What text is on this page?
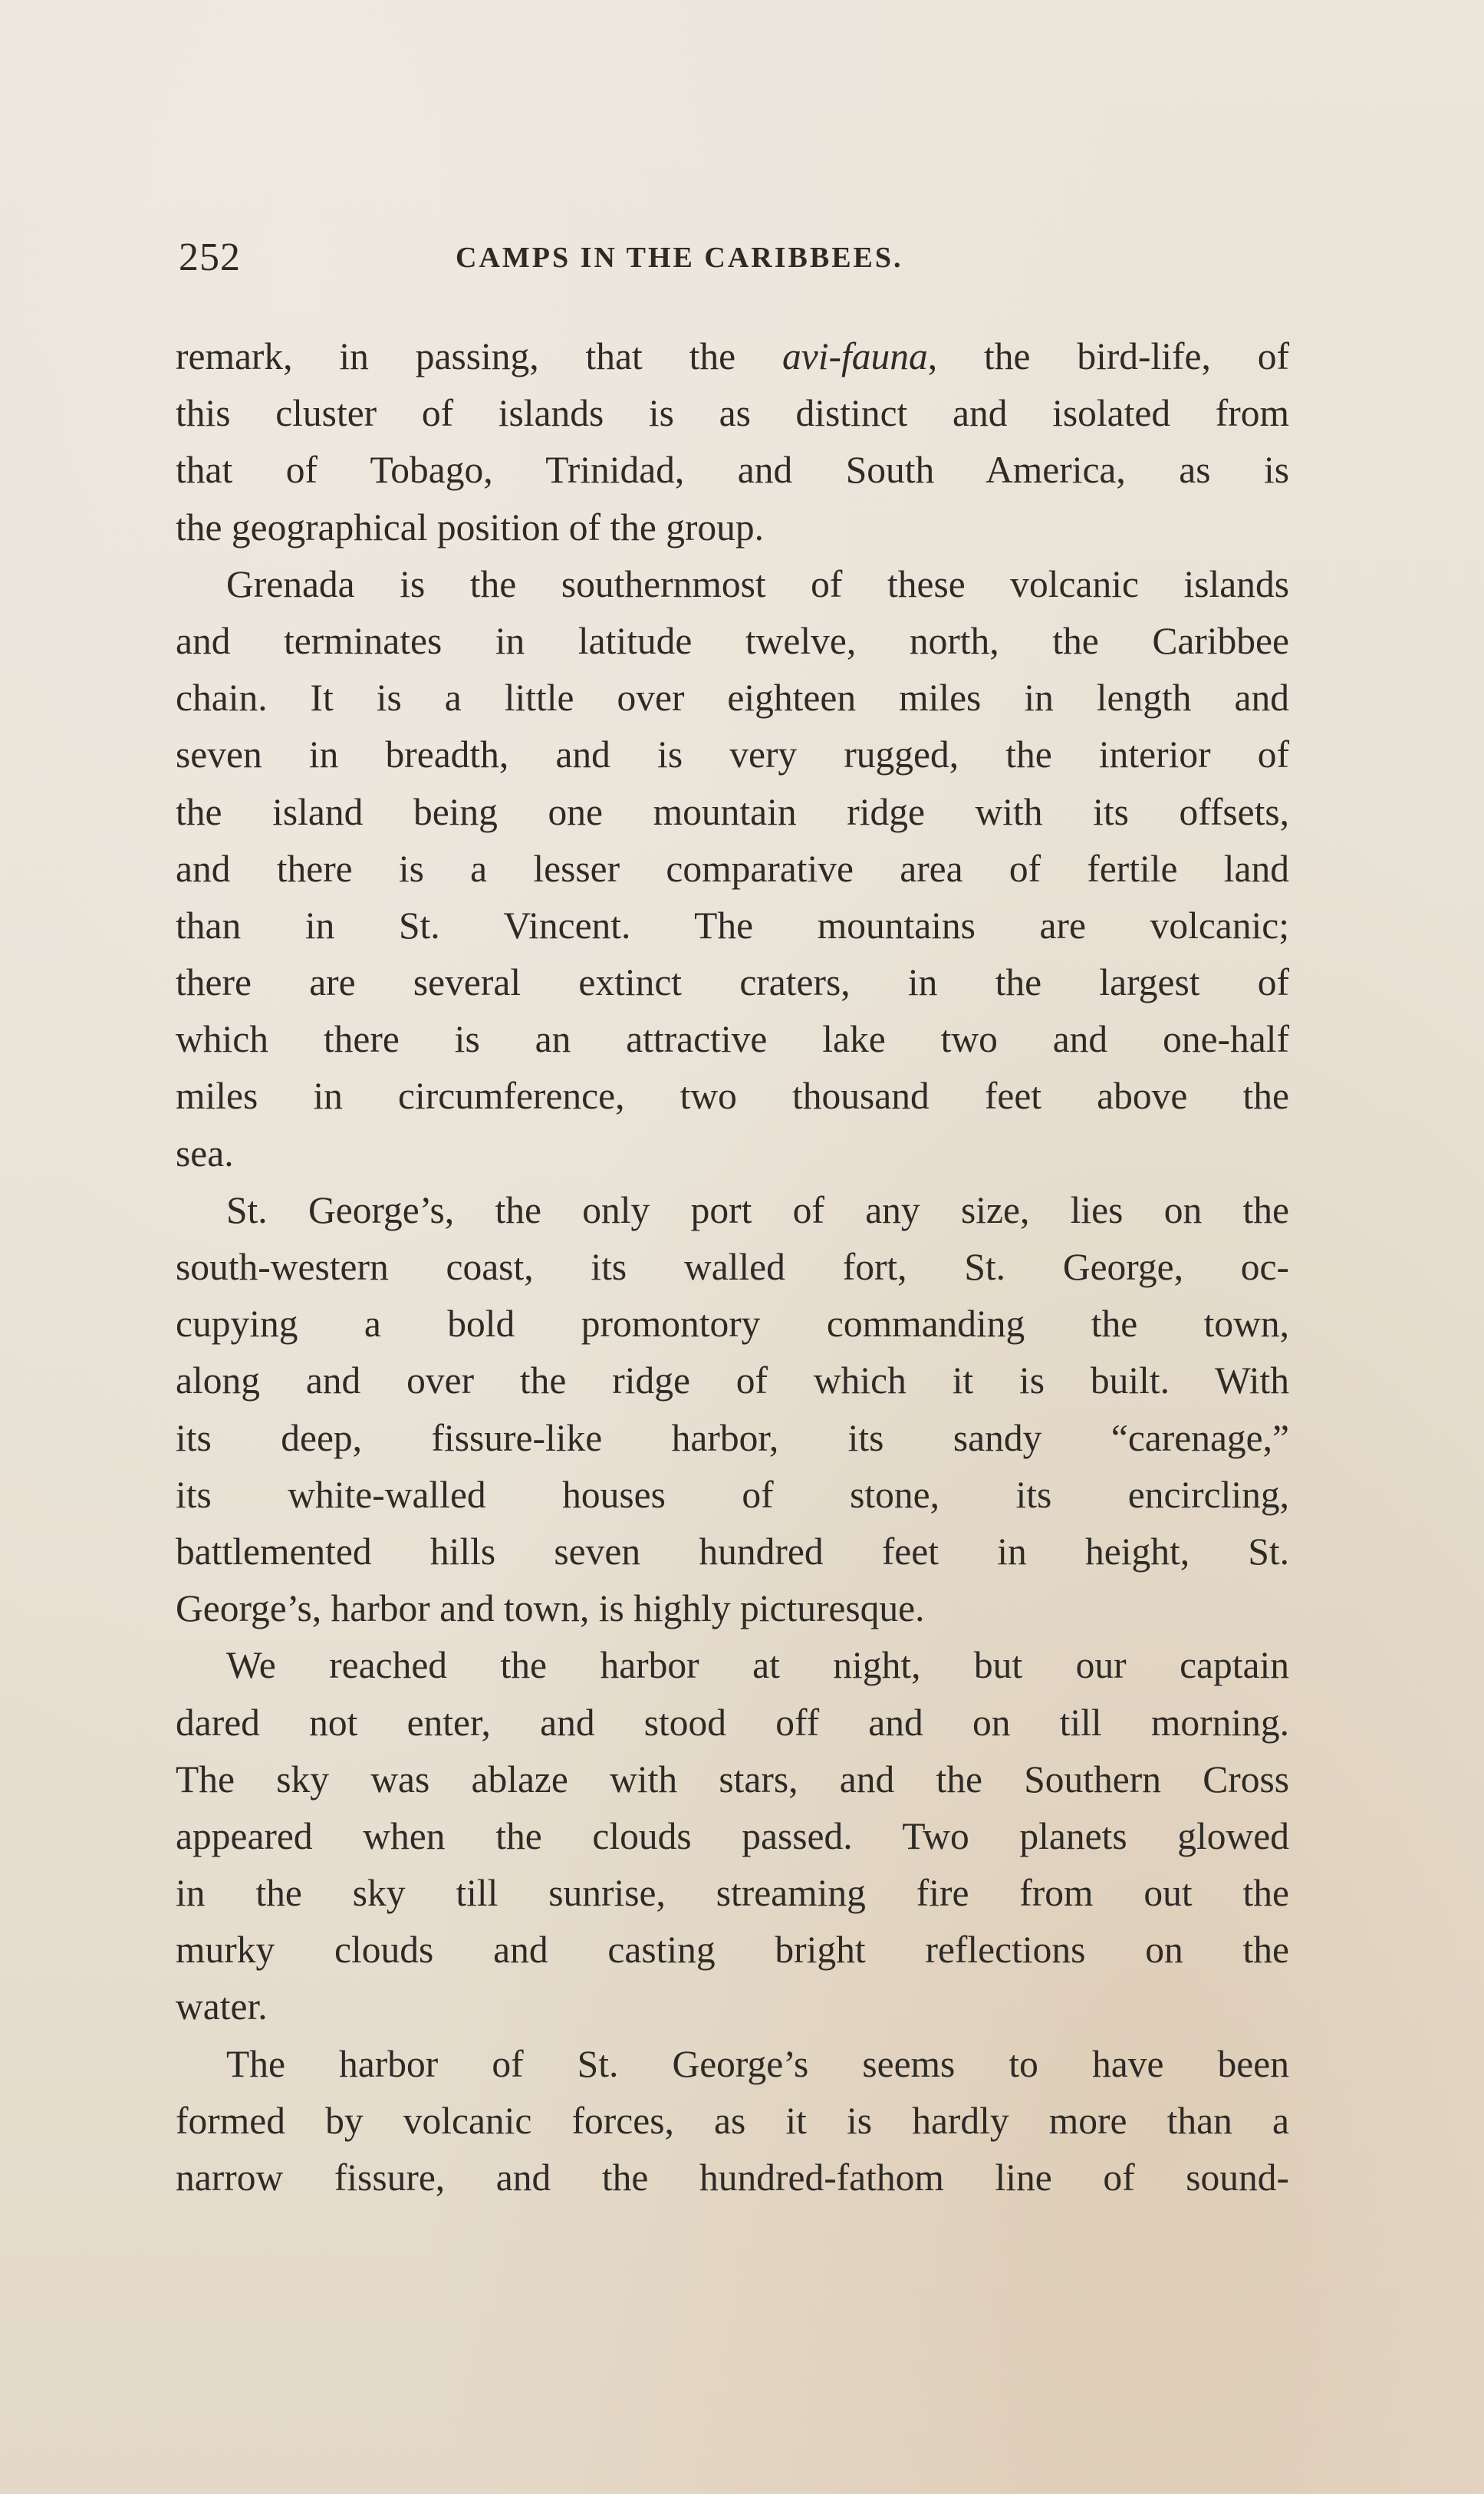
252	CAMPS IN THE CARIBBEES.
remark, in passing, that the avi-fauna, the bird-life, of
this cluster of islands is as distinct and isolated from
that of Tobago, Trinidad, and South America, as is
the geographical position of the group.
Grenada is the southernmost of these volcanic islands
and terminates in latitude twelve, north, the Caribbee
chain. It is a little over eighteen miles in length and
seven in breadth, and is very rugged, the interior of
the island being one mountain ridge with its offsets,
and there is a lesser comparative area of fertile land
than in St. Vincent. The mountains are volcanic;
there are several extinct craters, in the largest of
which there is an attractive lake two and one-half
miles in circumference, two thousand feet above the
sea.
St. George’s, the only port of any size, lies on the
south-western coast, its walled fort, St. George, oc-
cupying a bold promontory commanding the town,
along and over the ridge of which it is built. With
its deep, fissure-like harbor, its sandy “carenage,”
its white-walled houses of stone, its encircling,
battlemented hills seven hundred feet in height, St.
George’s, harbor and town, is highly picturesque.
We reached the harbor at night, but our captain
dared not enter, and stood off and on till morning.
The sky was ablaze with stars, and the Southern Cross
appeared when the clouds passed. Two planets glowed
in the sky till sunrise, streaming fire from out the
murky clouds and casting bright reflections on the
water.
The harbor of St. George’s seems to have been
formed by volcanic forces, as it is hardly more than a
narrow fissure, and the hundred-fathom line of sound-
